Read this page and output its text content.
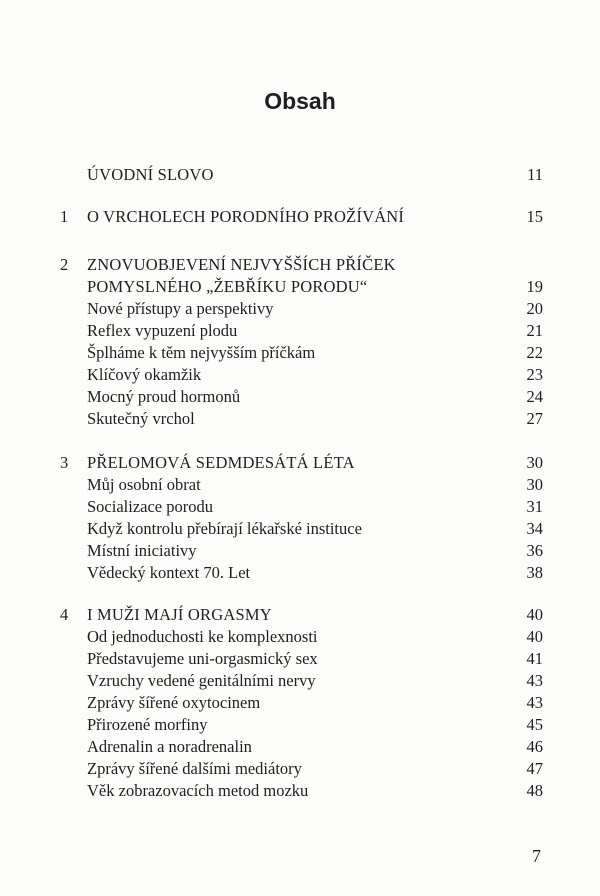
Obsah
ÚVODNÍ SLOVO	11
1 O VRCHOLECH PORODNÍHO PROŽÍVÁNÍ	15
2 ZNOVUOBJEVENÍ NEJVYŠŠÍCH PŘÍČEK
POMYSLNÉHO „ŽEBŘÍKU PORODU“	19
Nové přístupy a perspektivy	20
Reflex vypuzení plodu	21
Šplháme k těm nejvyšším příčkám	22
Klíčový okamžik	23
Mocný proud hormonů	24
Skutečný vrchol	27
3 PŘELOMOVÁ SEDMDESÁTÁ LÉTA	30
Můj osobní obrat	30
Socializace porodu	31
Když kontrolu přebírají lékařské instituce	34
Místní iniciativy	36
Vědecký kontext 70. Let	38
4 I MUŽI MAJÍ ORGASMY	40
Od jednoduchosti ke komplexnosti	40
Představujeme uni-orgasmický sex	41
Vzruchy vedené genitálními nervy	43
Zprávy šířené oxytocinem	43
Přirozené morfiny	45
Adrenalin a noradrenalin	46
Zprávy šířené dalšími mediátory	47
Věk zobrazovacích metod mozku	48
7
